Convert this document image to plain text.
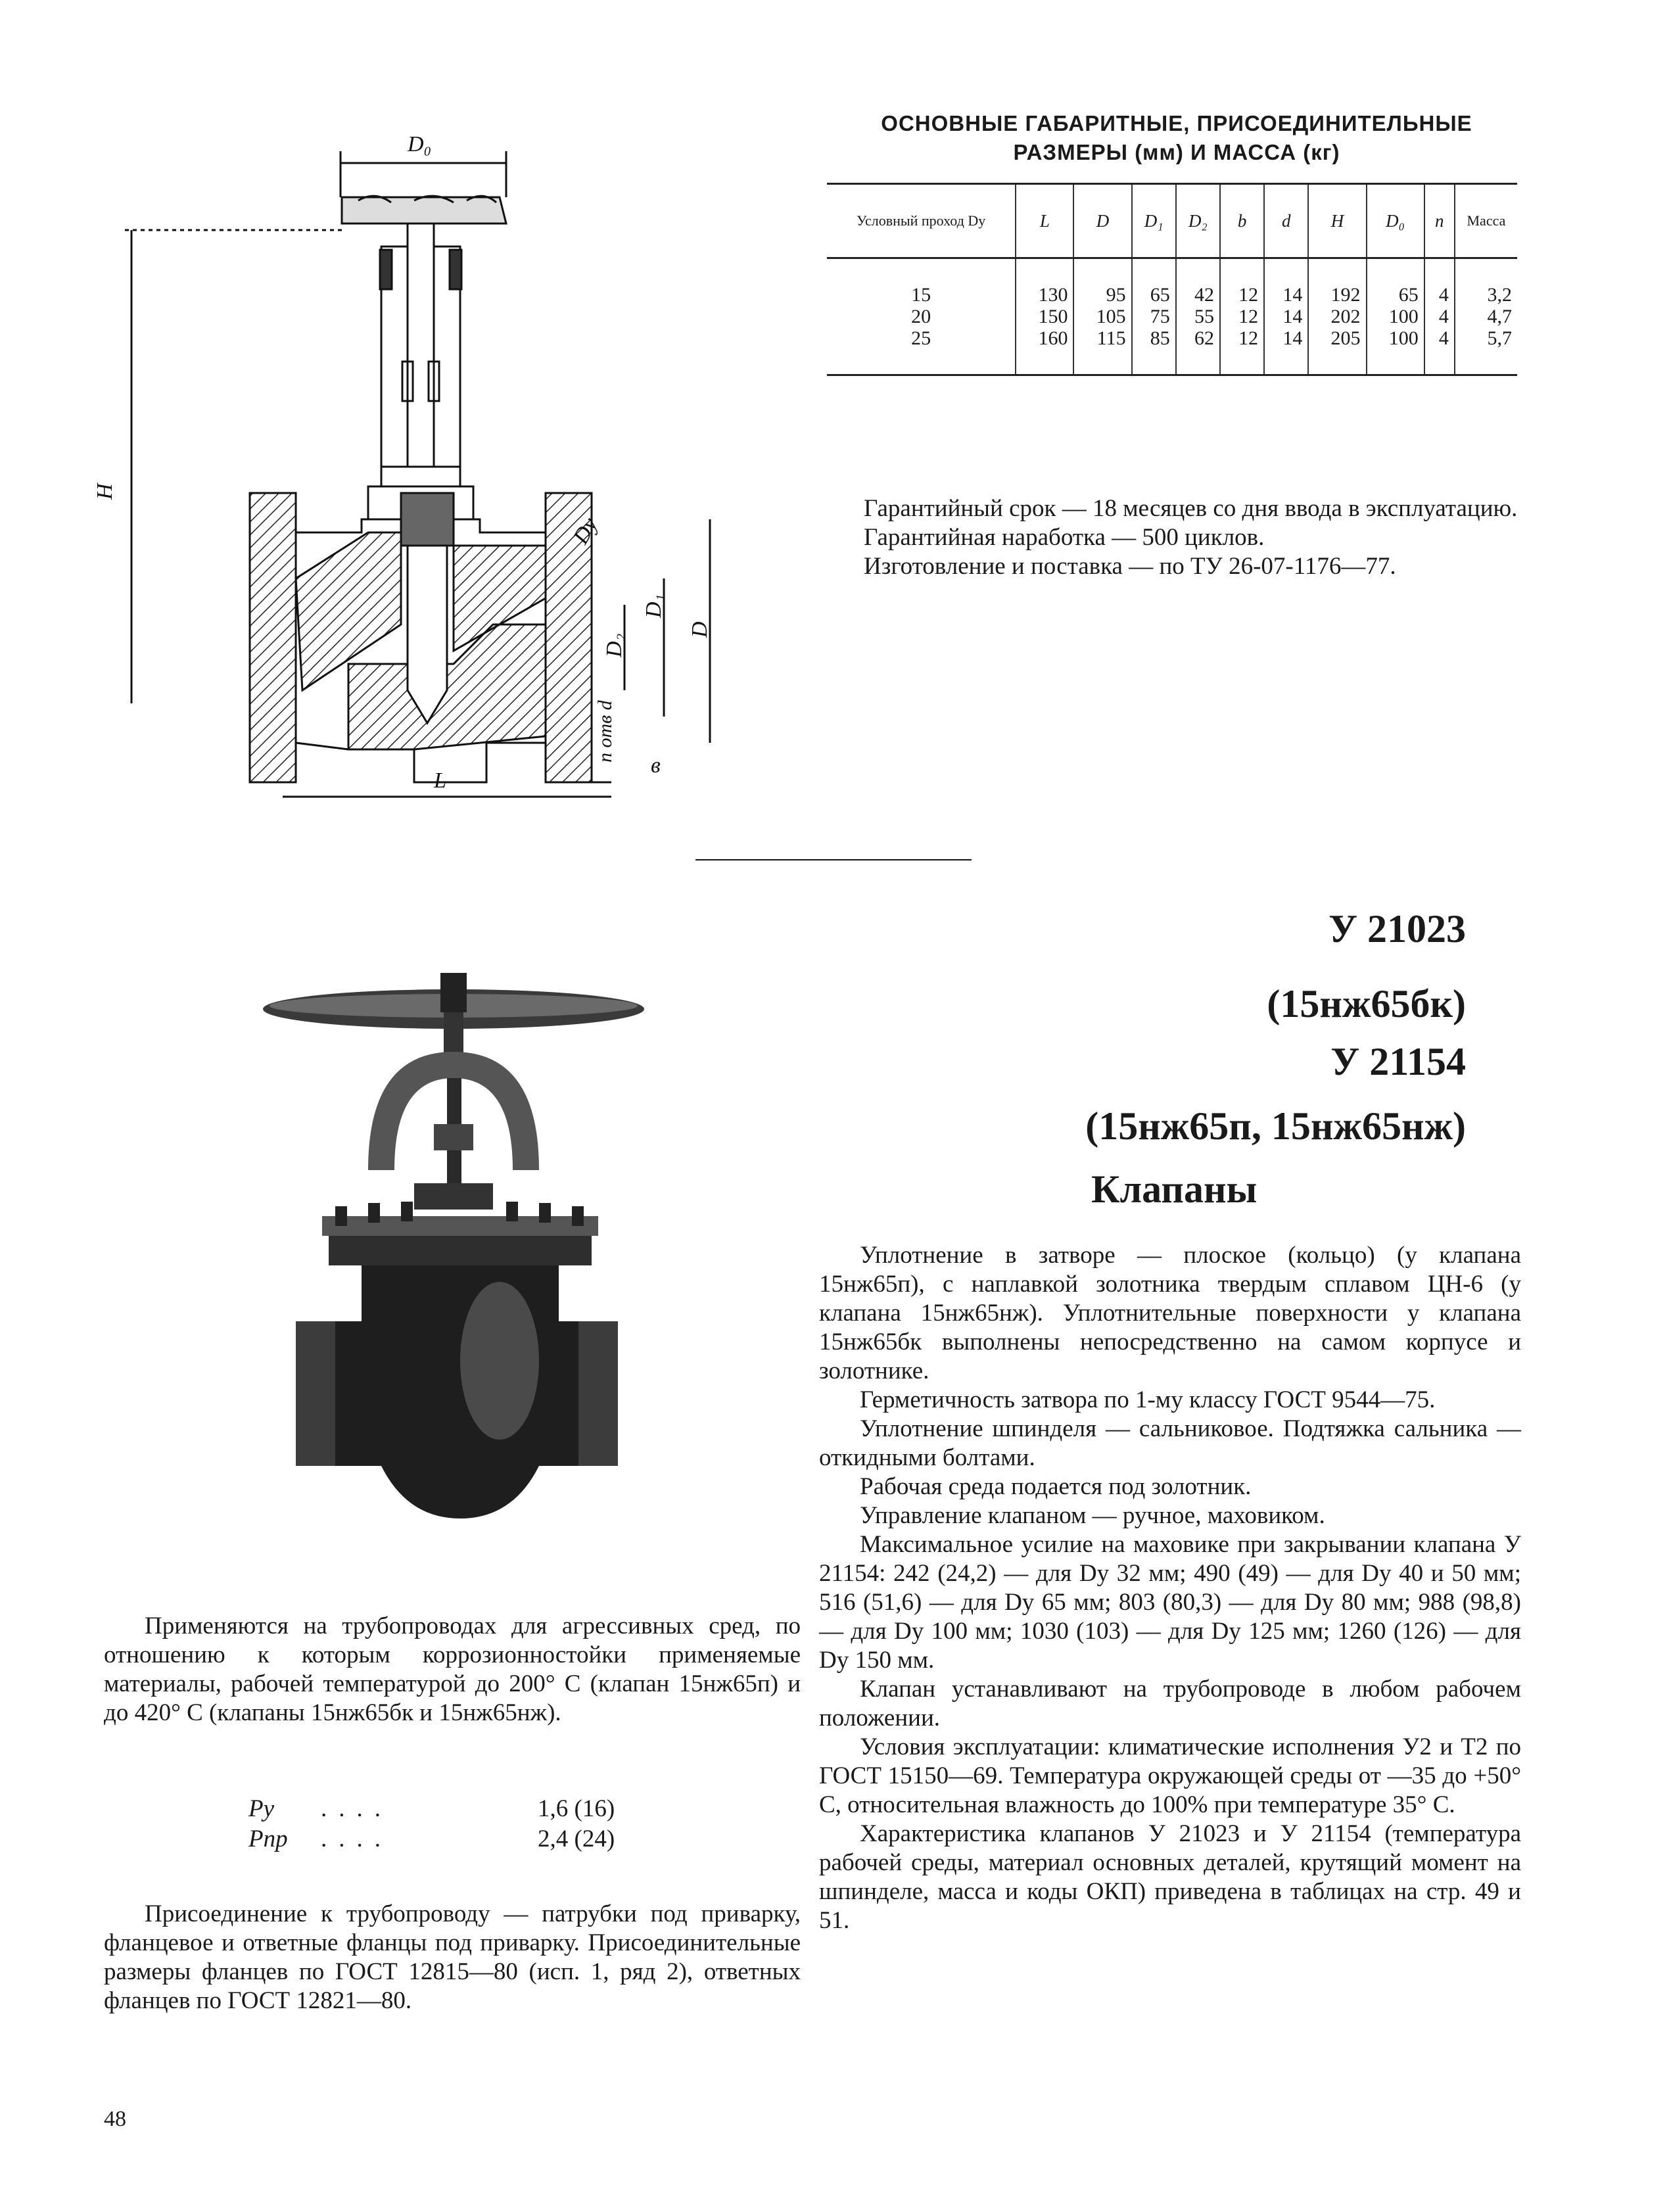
D₀
H
D₂
D₁
D
Dу
L
в
n отв d
ОСНОВНЫЕ ГАБАРИТНЫЕ, ПРИСОЕДИНИТЕЛЬНЫЕ
РАЗМЕРЫ (мм) И МАССА (кг)
Условный проход Dу	L	D	D₁	D₂	b	d	H	D₀	n	Масса
15	130	95	65	42	12	14	192	65	4	3,2
20	150	105	75	55	12	14	202	100	4	4,7
25	160	115	85	62	12	14	205	100	4	5,7

Гарантийный срок — 18 месяцев со дня ввода в эксплуатацию.

Гарантийная наработка — 500 циклов.

Изготовление и поставка — по ТУ 26-07-1176—77.

У 21023
(15нж65бк)
У 21154
(15нж65п, 15нж65нж)
Клапаны

Уплотнение в затворе — плоское (кольцо) (у клапана 15нж65п), с наплавкой золотника твердым сплавом ЦН-6 (у клапана 15нж65нж). Уплотнительные поверхности у клапана 15нж65бк выполнены непосредственно на самом корпусе и золотнике.

Герметичность затвора по 1-му классу ГОСТ 9544—75.

Уплотнение шпинделя — сальниковое. Подтяжка сальника — откидными болтами.

Рабочая среда подается под золотник.

Управление клапаном — ручное, маховиком.

Максимальное усилие на маховике при закрывании клапана У 21154: 242 (24,2) — для Dу 32 мм; 490 (49) — для Dу 40 и 50 мм; 516 (51,6) — для Dу 65 мм; 803 (80,3) — для Dу 80 мм; 988 (98,8) — для Dу 100 мм; 1030 (103) — для Dу 125 мм; 1260 (126) — для Dу 150 мм.

Клапан устанавливают на трубопроводе в любом рабочем положении.

Условия эксплуатации: климатические исполнения У2 и Т2 по ГОСТ 15150—69. Температура окружающей среды от —35 до +50° С, относительная влажность до 100% при температуре 35° С.

Характеристика клапанов У 21023 и У 21154 (температура рабочей среды, материал основных деталей, крутящий момент на шпинделе, масса и коды ОКП) приведена в таблицах на стр. 49 и 51.

Применяются на трубопроводах для агрессивных сред, по отношению к которым коррозионностойки применяемые материалы, рабочей температурой до 200° С (клапан 15нж65п) и до 420° С (клапаны 15нж65бк и 15нж65нж).

Pу ....	1,6 (16)
Pпр ....	2,4 (24)

Присоединение к трубопроводу — патрубки под приварку, фланцевое и ответные фланцы под приварку. Присоединительные размеры фланцев по ГОСТ 12815—80 (исп. 1, ряд 2), ответных фланцев по ГОСТ 12821—80.

48
